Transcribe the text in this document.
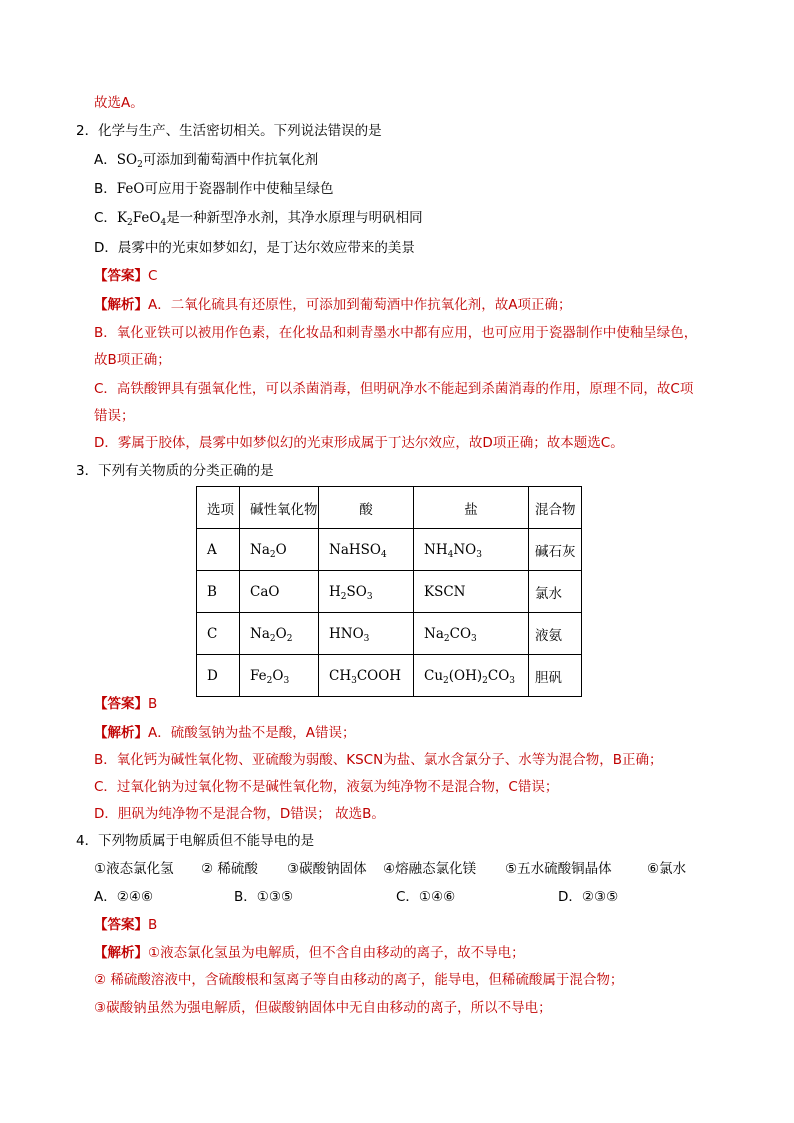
故选A。
2．化学与生产、生活密切相关。下列说法错误的是
A．$SO_2$可添加到葡萄酒中作抗氧化剂
B．FeO可应用于瓷器制作中使釉呈绿色
C．$K_2FeO_4$是一种新型净水剂，其净水原理与明矾相同
D．晨雾中的光束如梦如幻，是丁达尔效应带来的美景
【答案】C
【解析】A．二氧化硫具有还原性，可添加到葡萄酒中作抗氧化剂，故A项正确；
B．氧化亚铁可以被用作色素，在化妆品和刺青墨水中都有应用，也可应用于瓷器制作中使釉呈绿色，
故B项正确；
C．高铁酸钾具有强氧化性，可以杀菌消毒，但明矾净水不能起到杀菌消毒的作用，原理不同，故C项
错误；
D．雾属于胶体，晨雾中如梦似幻的光束形成属于丁达尔效应，故D项正确；故本题选C。
3．下列有关物质的分类正确的是
选项	碱性氧化物	酸	盐	混合物
A	$Na_2O$	NaHSO$_4$	$NH_4NO_3$	碱石灰
B	CaO	$H_2SO_3$	KSCN	氯水
C	$Na_2O_2$	$HNO_3$	$Na_2CO_3$	液氨
D	$Fe_2O_3$	$CH_3COOH$	$Cu_2(OH)_2CO_3$	胆矾
【答案】B
【解析】A．硫酸氢钠为盐不是酸，A错误；
B．氧化钙为碱性氧化物、亚硫酸为弱酸、KSCN为盐、氯水含氯分子、水等为混合物，B正确；
C．过氧化钠为过氧化物不是碱性氧化物，液氨为纯净物不是混合物，C错误；
D．胆矾为纯净物不是混合物，D错误； 故选B。
4．下列物质属于电解质但不能导电的是
①液态氯化氢 ② 稀硫酸 ③碳酸钠固体 ④熔融态氯化镁 ⑤五水硫酸铜晶体	⑥氯水
A．②④⑥	B．①③⑤	C．①④⑥	D．②③⑤
【答案】B
【解析】①液态氯化氢虽为电解质，但不含自由移动的离子，故不导电；
② 稀硫酸溶液中，含硫酸根和氢离子等自由移动的离子，能导电，但稀硫酸属于混合物；
③碳酸钠虽然为强电解质，但碳酸钠固体中无自由移动的离子，所以不导电；
